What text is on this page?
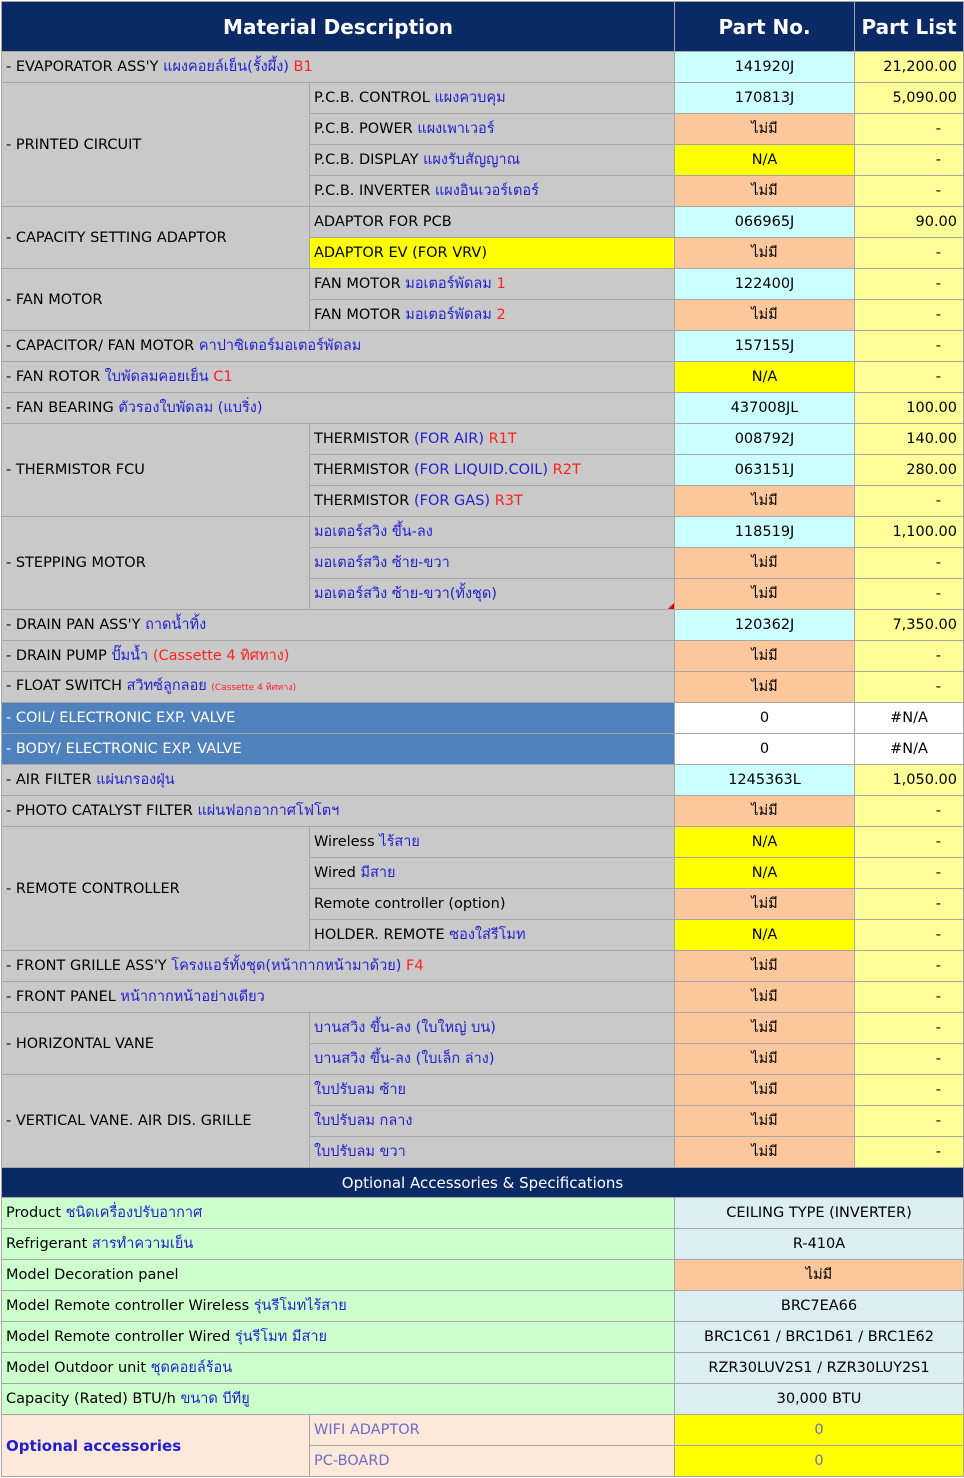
Material Description		Part No.	Part List
- EVAPORATOR ASS'Y แผงคอยล์เย็น(รั้งผึ้ง) B1		141920J	21,200.00
- PRINTED CIRCUIT	P.C.B. CONTROL แผงควบคุม	170813J	5,090.00
	P.C.B. POWER แผงเพาเวอร์	ไม่มี	-
	P.C.B. DISPLAY แผงรับสัญญาณ	N/A	-
	P.C.B. INVERTER แผงอินเวอร์เตอร์	ไม่มี	-
- CAPACITY SETTING ADAPTOR	ADAPTOR FOR PCB	066965J	90.00
	ADAPTOR EV (FOR VRV)	ไม่มี	-
- FAN MOTOR	FAN MOTOR มอเตอร์พัดลม 1	122400J	-
	FAN MOTOR มอเตอร์พัดลม 2	ไม่มี	-
- CAPACITOR/ FAN MOTOR คาปาซิเตอร์มอเตอร์พัดลม		157155J	-
- FAN ROTOR ใบพัดลมคอยเย็น C1		N/A	-
- FAN BEARING ตัวรองใบพัดลม (แบริ่ง)		437008JL	100.00
- THERMISTOR FCU	THERMISTOR (FOR AIR) R1T	008792J	140.00
	THERMISTOR (FOR LIQUID.COIL) R2T	063151J	280.00
	THERMISTOR (FOR GAS) R3T	ไม่มี	-
- STEPPING MOTOR	มอเตอร์สวิง ขึ้น-ลง	118519J	1,100.00
	มอเตอร์สวิง ซ้าย-ขวา	ไม่มี	-
	มอเตอร์สวิง ซ้าย-ขวา(ทั้งชุด)	ไม่มี	-
- DRAIN PAN ASS'Y ถาดน้ำทิ้ง		120362J	7,350.00
- DRAIN PUMP ปั๊มน้ำ (Cassette 4 ทิศทาง)		ไม่มี	-
- FLOAT SWITCH สวิทซ์ลูกลอย (Cassette 4 ทิศทาง)		ไม่มี	-
- COIL/ ELECTRONIC EXP. VALVE		0	#N/A
- BODY/ ELECTRONIC EXP. VALVE		0	#N/A
- AIR FILTER แผ่นกรองฝุ่น		1245363L	1,050.00
- PHOTO CATALYST FILTER แผ่นฟอกอากาศโฟโตฯ		ไม่มี	-
- REMOTE CONTROLLER	Wireless ไร้สาย	N/A	-
	Wired มีสาย	N/A	-
	Remote controller (option)	ไม่มี	-
	HOLDER. REMOTE ซองใส่รีโมท	N/A	-
- FRONT GRILLE ASS'Y โครงแอร์ทั้งชุด(หน้ากากหน้ามาด้วย) F4		ไม่มี	-
- FRONT PANEL หน้ากากหน้าอย่างเดียว		ไม่มี	-
- HORIZONTAL VANE	บานสวิง ขึ้น-ลง (ใบใหญ่ บน)	ไม่มี	-
	บานสวิง ขึ้น-ลง (ใบเล็ก ล่าง)	ไม่มี	-
- VERTICAL VANE. AIR DIS. GRILLE	ใบปรับลม ซ้าย	ไม่มี	-
	ใบปรับลม กลาง	ไม่มี	-
	ใบปรับลม ขวา	ไม่มี	-
Optional Accessories & Specifications			
Product ชนิดเครื่องปรับอากาศ		CEILING TYPE (INVERTER)	
Refrigerant สารทำความเย็น		R-410A	
Model Decoration panel		ไม่มี	
Model Remote controller Wireless รุ่นรีโมทไร้สาย		BRC7EA66	
Model Remote controller Wired รุ่นรีโมท มีสาย		BRC1C61 / BRC1D61 / BRC1E62	
Model Outdoor unit ชุดคอยล์ร้อน		RZR30LUV2S1 / RZR30LUY2S1	
Capacity (Rated) BTU/h ขนาด บีทียู		30,000 BTU	
Optional accessories	WIFI ADAPTOR	0	
	PC-BOARD	0	
